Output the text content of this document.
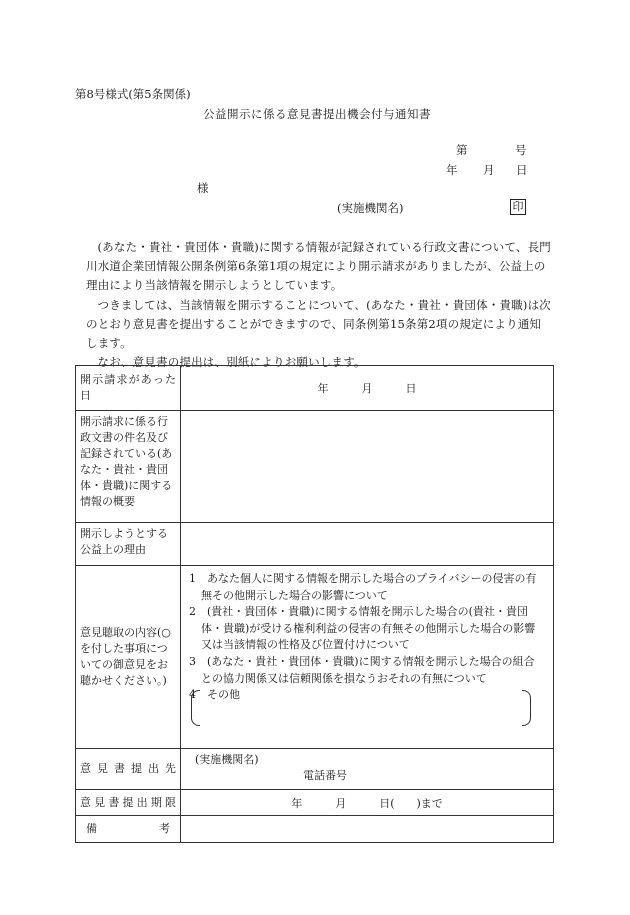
第8号様式(第5条関係)
公益開示に係る意見書提出機会付与通知書
第	号
年 月 日
様
(実施機関名)	印

(あなた・貴社・貴団体・貴職)に関する情報が記録されている行政文書について、長門川水道企業団情報公開条例第6条第1項の規定により開示請求がありましたが、公益上の理由により当該情報を開示しようとしています。

つきましては、当該情報を開示することについて、(あなた・貴社・貴団体・貴職)は次のとおり意見書を提出することができますので、同条例第15条第2項の規定により通知します。

なお、意見書の提出は、別紙によりお願いします。

開示請求があった日	年　　　月　　　日
開示請求に係る行政文書の件名及び記録されている(あなた・貴社・貴団体・貴職)に関する情報の概要	
開示しようとする公益上の理由	
意見聴取の内容(○を付した事項についての御意見をお聴かせください。)	1　あなた個人に関する情報を開示した場合のプライバシーの侵害の有無その他開示した場合の影響について

2　(貴社・貴団体・貴職)に関する情報を開示した場合の(貴社・貴団体・貴職)が受ける権利利益の侵害の有無その他開示した場合の影響又は当該情報の性格及び位置付けについて

3　(あなた・貴社・貴団体・貴職)に関する情報を開示した場合の組合との協力関係又は信頼関係を損なうおそれの有無について

4　その他

意見書提出先	(実施機関名)
電話番号

意見書提出期限	年　　　月　　　日(　　)まで
備考	
